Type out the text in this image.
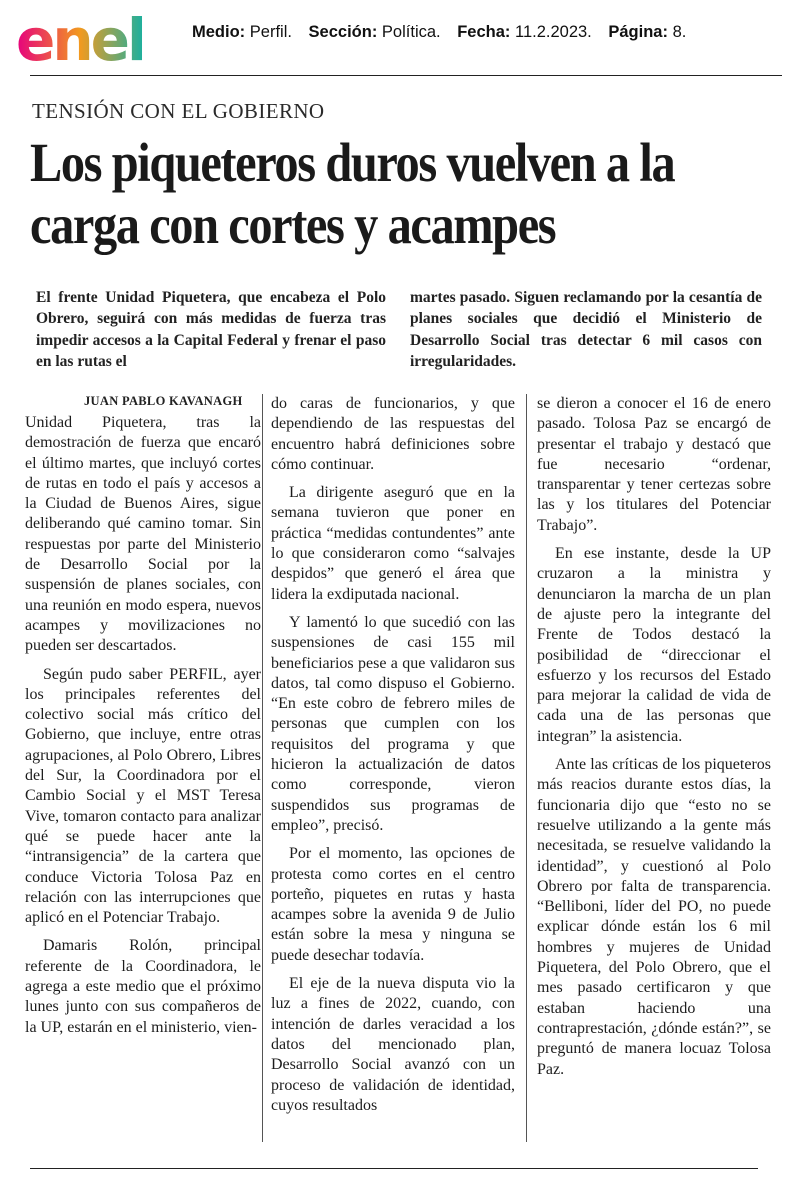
enel	Medio: Perfil. Sección: Política. Fecha: 11.2.2023. Página: 8.
TENSIÓN CON EL GOBIERNO
Los piqueteros duros vuelven a la carga con cortes y acampes
El frente Unidad Piquetera, que encabeza el Polo Obrero, seguirá con más medidas de fuerza tras impedir accesos a la Capital Federal y frenar el paso en las rutas el
martes pasado. Siguen reclamando por la cesantía de planes sociales que decidió el Ministerio de Desarrollo Social tras detectar 6 mil casos con irregularidades.
JUAN PABLO KAVANAGH

Unidad Piquetera, tras la demostración de fuerza que encaró el último martes, que incluyó cortes de rutas en todo el país y accesos a la Ciudad de Buenos Aires, sigue deliberando qué camino tomar. Sin respuestas por parte del Ministerio de Desarrollo Social por la suspensión de planes sociales, con una reunión en modo espera, nuevos acampes y movilizaciones no pueden ser descartados.

Según pudo saber PERFIL, ayer los principales referentes del colectivo social más crítico del Gobierno, que incluye, entre otras agrupaciones, al Polo Obrero, Libres del Sur, la Coordinadora por el Cambio Social y el MST Teresa Vive, tomaron contacto para analizar qué se puede hacer ante la “intransigencia” de la cartera que conduce Victoria Tolosa Paz en relación con las interrupciones que aplicó en el Potenciar Trabajo.

Damaris Rolón, principal referente de la Coordinadora, le agrega a este medio que el próximo lunes junto con sus compañeros de la UP, estarán en el ministerio, vien-

do caras de funcionarios, y que dependiendo de las respuestas del encuentro habrá definiciones sobre cómo continuar.

La dirigente aseguró que en la semana tuvieron que poner en práctica “medidas contundentes” ante lo que consideraron como “salvajes despidos” que generó el área que lidera la exdiputada nacional.

Y lamentó lo que sucedió con las suspensiones de casi 155 mil beneficiarios pese a que validaron sus datos, tal como dispuso el Gobierno. “En este cobro de febrero miles de personas que cumplen con los requisitos del programa y que hicieron la actualización de datos como corresponde, vieron suspendidos sus programas de empleo”, precisó.

Por el momento, las opciones de protesta como cortes en el centro porteño, piquetes en rutas y hasta acampes sobre la avenida 9 de Julio están sobre la mesa y ninguna se puede desechar todavía.

El eje de la nueva disputa vio la luz a fines de 2022, cuando, con intención de darles veracidad a los datos del mencionado plan, Desarrollo Social avanzó con un proceso de validación de identidad, cuyos resultados

se dieron a conocer el 16 de enero pasado. Tolosa Paz se encargó de presentar el trabajo y destacó que fue necesario “ordenar, transparentar y tener certezas sobre las y los titulares del Potenciar Trabajo”.

En ese instante, desde la UP cruzaron a la ministra y denunciaron la marcha de un plan de ajuste pero la integrante del Frente de Todos destacó la posibilidad de “direccionar el esfuerzo y los recursos del Estado para mejorar la calidad de vida de cada una de las personas que integran” la asistencia.

Ante las críticas de los piqueteros más reacios durante estos días, la funcionaria dijo que “esto no se resuelve utilizando a la gente más necesitada, se resuelve validando la identidad”, y cuestionó al Polo Obrero por falta de transparencia. “Belliboni, líder del PO, no puede explicar dónde están los 6 mil hombres y mujeres de Unidad Piquetera, del Polo Obrero, que el mes pasado certificaron y que estaban haciendo una contraprestación, ¿dónde están?”, se preguntó de manera locuaz Tolosa Paz.
